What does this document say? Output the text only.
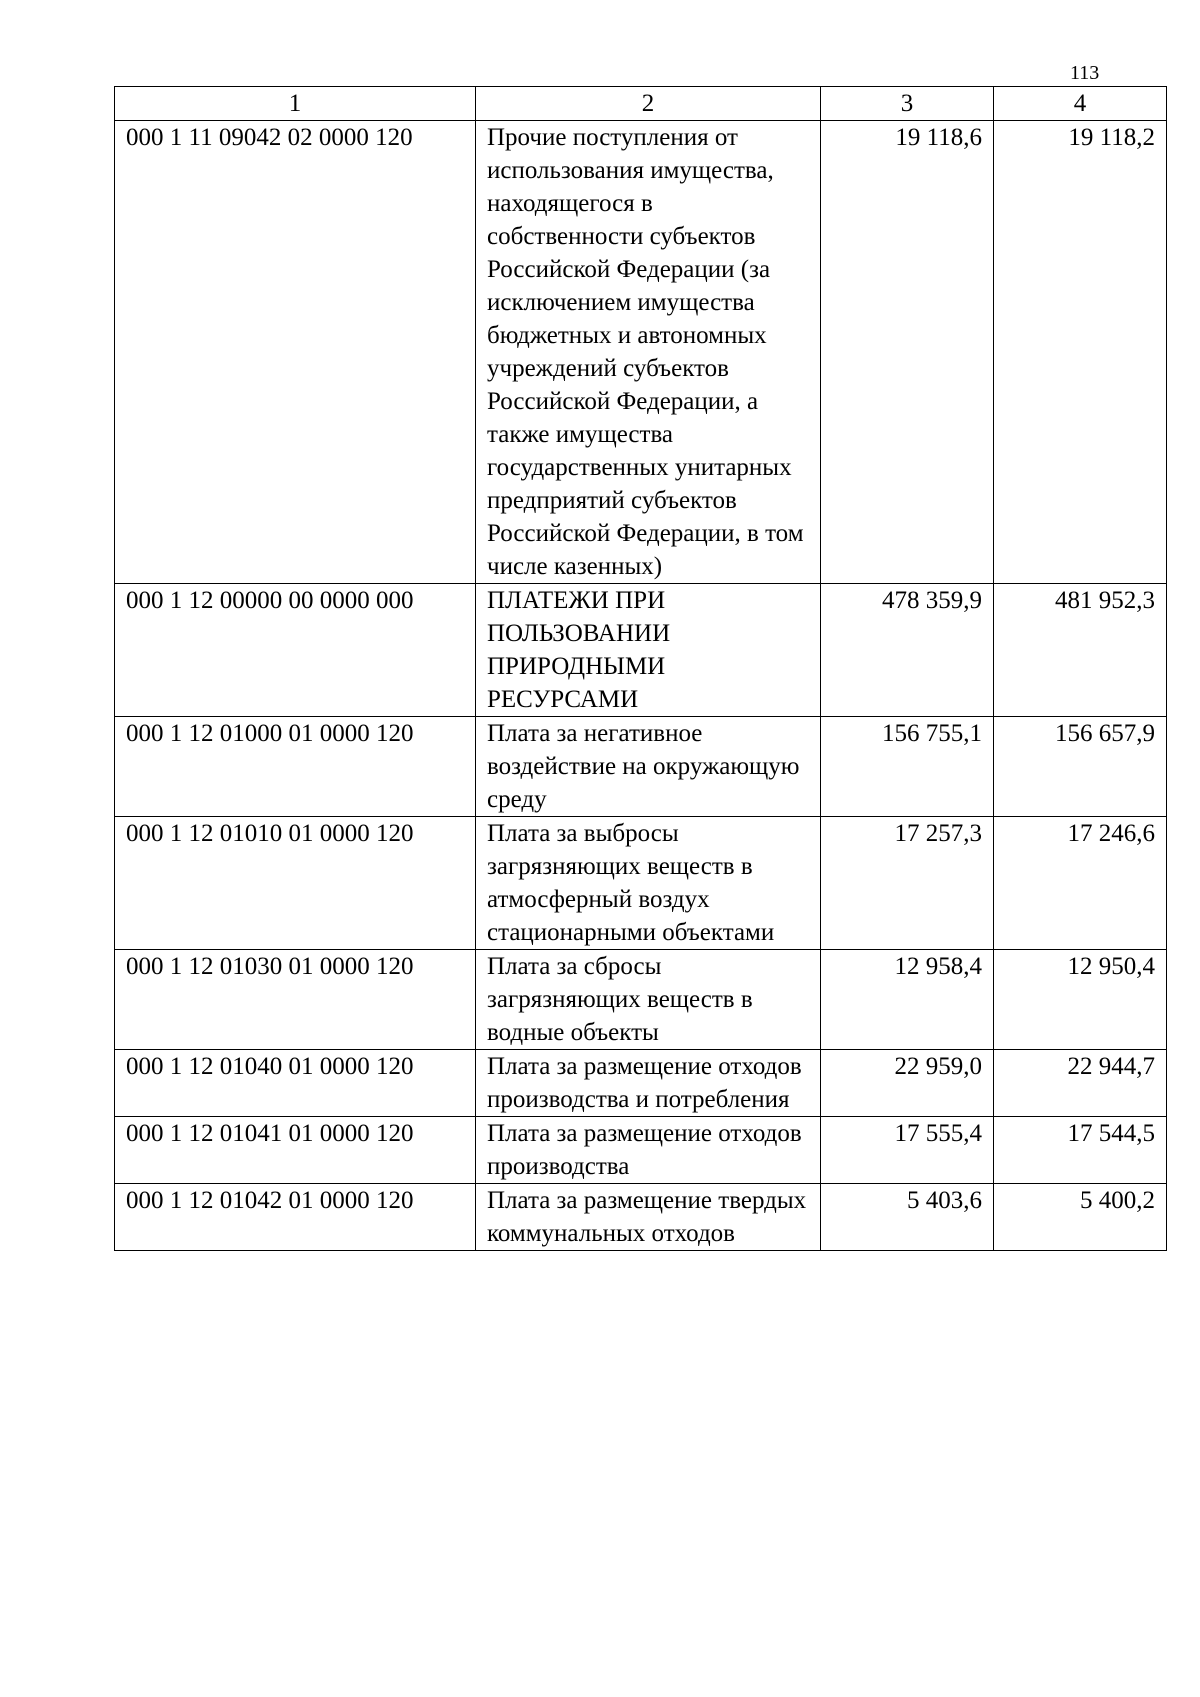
113
1	2	3	4
000 1 11 09042 02 0000 120	Прочие поступления от использования имущества, находящегося в собственности субъектов Российской Федерации (за исключением имущества бюджетных и автономных учреждений субъектов Российской Федерации, а также имущества государственных унитарных предприятий субъектов Российской Федерации, в том числе казенных)	19 118,6	19 118,2
000 1 12 00000 00 0000 000	ПЛАТЕЖИ ПРИ ПОЛЬЗОВАНИИ ПРИРОДНЫМИ РЕСУРСАМИ	478 359,9	481 952,3
000 1 12 01000 01 0000 120	Плата за негативное воздействие на окружающую среду	156 755,1	156 657,9
000 1 12 01010 01 0000 120	Плата за выбросы загрязняющих веществ в атмосферный воздух стационарными объектами	17 257,3	17 246,6
000 1 12 01030 01 0000 120	Плата за сбросы загрязняющих веществ в водные объекты	12 958,4	12 950,4
000 1 12 01040 01 0000 120	Плата за размещение отходов производства и потребления	22 959,0	22 944,7
000 1 12 01041 01 0000 120	Плата за размещение отходов производства	17 555,4	17 544,5
000 1 12 01042 01 0000 120	Плата за размещение твердых коммунальных отходов	5 403,6	5 400,2
